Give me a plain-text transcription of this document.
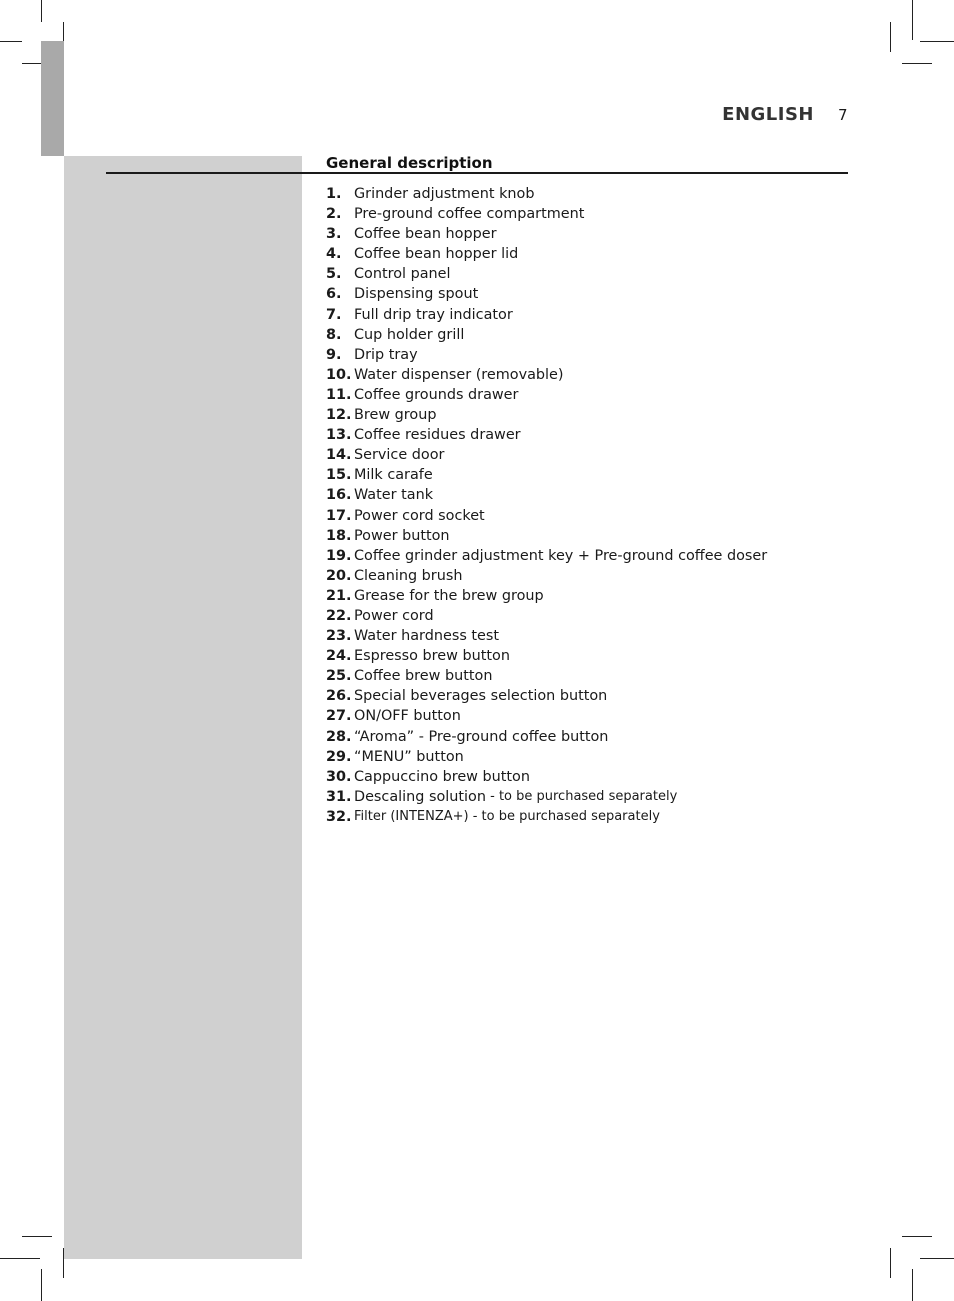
ENGLISH 7
General description
1. Grinder adjustment knob
2. Pre-ground coffee compartment
3. Coffee bean hopper
4. Coffee bean hopper lid
5. Control panel
6. Dispensing spout
7. Full drip tray indicator
8. Cup holder grill
9. Drip tray
10. Water dispenser (removable)
11. Coffee grounds drawer
12. Brew group
13. Coffee residues drawer
14. Service door
15. Milk carafe
16. Water tank
17. Power cord socket
18. Power button
19. Coffee grinder adjustment key + Pre-ground coffee doser
20. Cleaning brush
21. Grease for the brew group
22. Power cord
23. Water hardness test
24. Espresso brew button
25. Coffee brew button
26. Special beverages selection button
27. ON/OFF button
28. “Aroma” - Pre-ground coffee button
29. “MENU” button
30. Cappuccino brew button
31. Descaling solution - to be purchased separately
32. Filter (INTENZA+) - to be purchased separately
